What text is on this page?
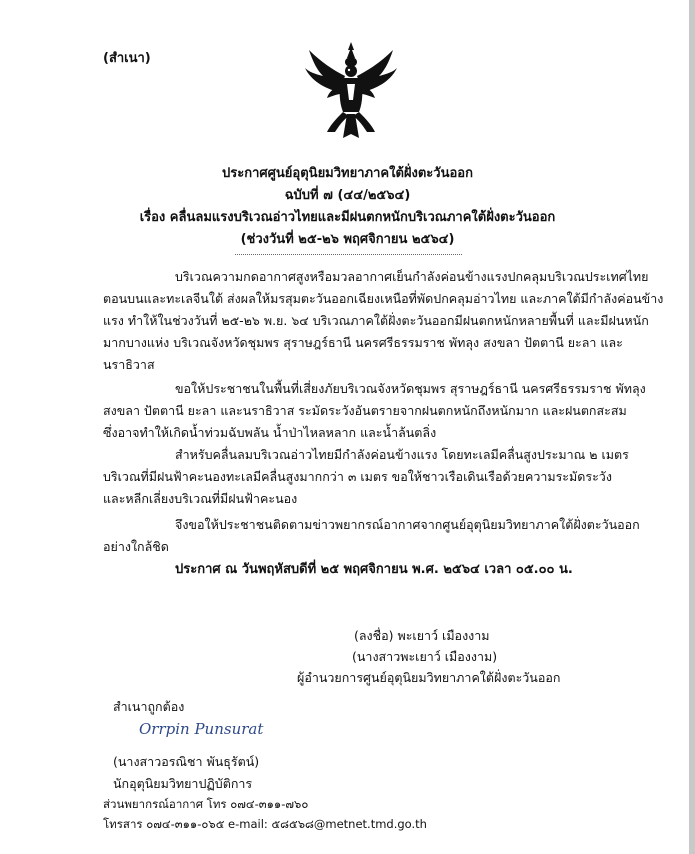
(สำเนา)
ประกาศศูนย์อุตุนิยมวิทยาภาคใต้ฝั่งตะวันออก
ฉบับที่ ๗ (๔๔/๒๕๖๔)
เรื่อง คลื่นลมแรงบริเวณอ่าวไทยและมีฝนตกหนักบริเวณภาคใต้ฝั่งตะวันออก
(ช่วงวันที่ ๒๕-๒๖ พฤศจิกายน ๒๕๖๔)
บริเวณความกดอากาศสูงหรือมวลอากาศเย็นกำลังค่อนข้างแรงปกคลุมบริเวณประเทศไทย
ตอนบนและทะเลจีนใต้ ส่งผลให้มรสุมตะวันออกเฉียงเหนือที่พัดปกคลุมอ่าวไทย และภาคใต้มีกำลังค่อนข้าง
แรง ทำให้ในช่วงวันที่ ๒๕-๒๖ พ.ย. ๖๔ บริเวณภาคใต้ฝั่งตะวันออกมีฝนตกหนักหลายพื้นที่ และมีฝนหนัก
มากบางแห่ง บริเวณจังหวัดชุมพร สุราษฎร์ธานี นครศรีธรรมราช พัทลุง สงขลา ปัตตานี ยะลา และ
นราธิวาส
ขอให้ประชาชนในพื้นที่เสี่ยงภัยบริเวณจังหวัดชุมพร สุราษฎร์ธานี นครศรีธรรมราช พัทลุง
สงขลา ปัตตานี ยะลา และนราธิวาส ระมัดระวังอันตรายจากฝนตกหนักถึงหนักมาก และฝนตกสะสม
ซึ่งอาจทำให้เกิดน้ำท่วมฉับพลัน น้ำป่าไหลหลาก และน้ำล้นตลิ่ง
สำหรับคลื่นลมบริเวณอ่าวไทยมีกำลังค่อนข้างแรง โดยทะเลมีคลื่นสูงประมาณ ๒ เมตร
บริเวณที่มีฝนฟ้าคะนองทะเลมีคลื่นสูงมากกว่า ๓ เมตร ขอให้ชาวเรือเดินเรือด้วยความระมัดระวัง
และหลีกเลี่ยงบริเวณที่มีฝนฟ้าคะนอง
จึงขอให้ประชาชนติดตามข่าวพยากรณ์อากาศจากศูนย์อุตุนิยมวิทยาภาคใต้ฝั่งตะวันออก
อย่างใกล้ชิด
ประกาศ ณ วันพฤหัสบดีที่ ๒๕ พฤศจิกายน พ.ศ. ๒๕๖๔ เวลา ๐๕.๐๐ น.
(ลงชื่อ) พะเยาว์ เมืองงาม
(นางสาวพะเยาว์ เมืองงาม)
ผู้อำนวยการศูนย์อุตุนิยมวิทยาภาคใต้ฝั่งตะวันออก
สำเนาถูกต้อง
Orrpin Punsurat
(นางสาวอรณิชา พันธุรัตน์)
นักอุตุนิยมวิทยาปฏิบัติการ
ส่วนพยากรณ์อากาศ โทร ๐๗๔-๓๑๑-๗๖๐
โทรสาร ๐๗๔-๓๑๑-๐๖๕ e-mail: ๕๘๕๖๘@metnet.tmd.go.th
